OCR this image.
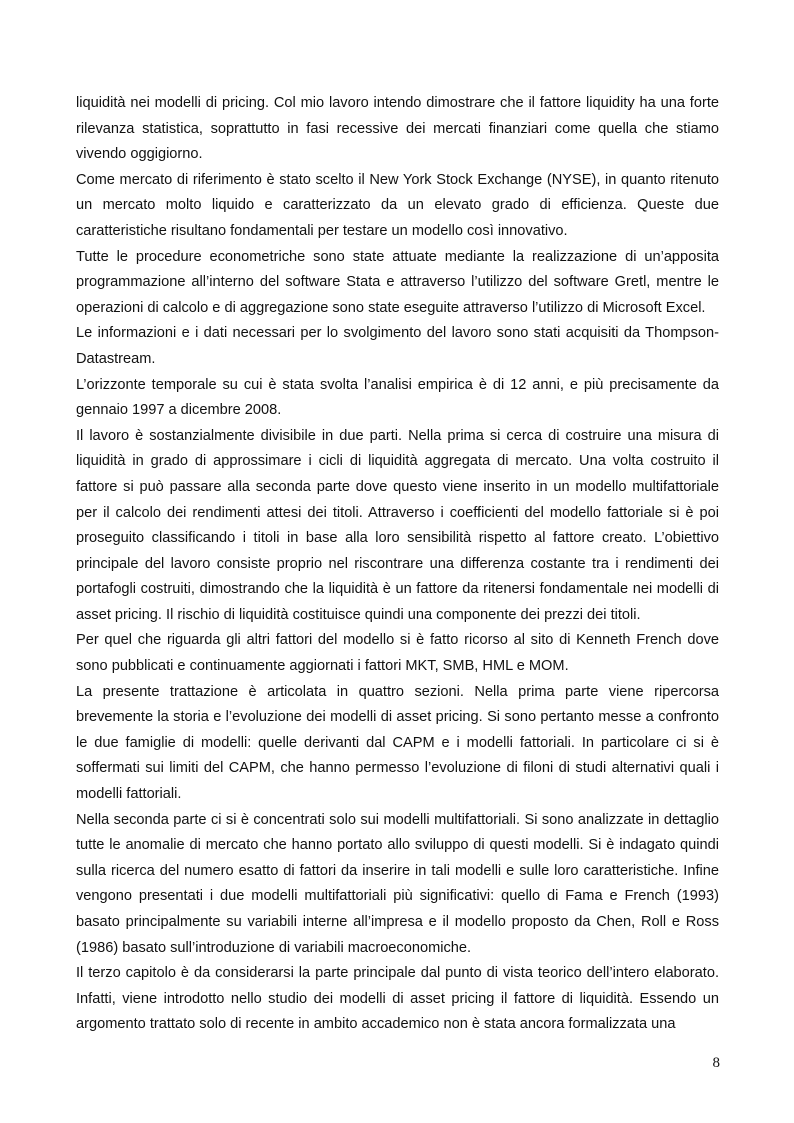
liquidità nei modelli di pricing. Col mio lavoro intendo dimostrare che il fattore liquidity ha una forte rilevanza statistica, soprattutto in fasi recessive dei mercati finanziari come quella che stiamo vivendo oggigiorno.

Come mercato di riferimento è stato scelto il New York Stock Exchange (NYSE), in quanto ritenuto un mercato molto liquido e caratterizzato da un elevato grado di efficienza. Queste due caratteristiche risultano fondamentali per testare un modello così innovativo.

Tutte le procedure econometriche sono state attuate mediante la realizzazione di un’apposita programmazione all’interno del software Stata e attraverso l’utilizzo del software Gretl, mentre le operazioni di calcolo e di aggregazione sono state eseguite attraverso l’utilizzo di Microsoft Excel.

Le informazioni e i dati necessari per lo svolgimento del lavoro sono stati acquisiti da Thompson-Datastream.

L’orizzonte temporale su cui è stata svolta l’analisi empirica è di 12 anni, e più precisamente da gennaio 1997 a dicembre 2008.

Il lavoro è sostanzialmente divisibile in due parti. Nella prima si cerca di costruire una misura di liquidità in grado di approssimare i cicli di liquidità aggregata di mercato. Una volta costruito il fattore si può passare alla seconda parte dove questo viene inserito in un modello multifattoriale per il calcolo dei rendimenti attesi dei titoli. Attraverso i coefficienti del modello fattoriale si è poi proseguito classificando i titoli in base alla loro sensibilità rispetto al fattore creato. L’obiettivo principale del lavoro consiste proprio nel riscontrare una differenza costante tra i rendimenti dei portafogli costruiti, dimostrando che la liquidità è un fattore da ritenersi fondamentale nei modelli di asset pricing. Il rischio di liquidità costituisce quindi una componente dei prezzi dei titoli.

Per quel che riguarda gli altri fattori del modello si è fatto ricorso al sito di Kenneth French dove sono pubblicati e continuamente aggiornati i fattori MKT, SMB, HML e MOM.

La presente trattazione è articolata in quattro sezioni. Nella prima parte viene ripercorsa brevemente la storia e l’evoluzione dei modelli di asset pricing. Si sono pertanto messe a confronto le due famiglie di modelli: quelle derivanti dal CAPM e i modelli fattoriali. In particolare ci si è soffermati sui limiti del CAPM, che hanno permesso l’evoluzione di filoni di studi alternativi quali i modelli fattoriali.

Nella seconda parte ci si è concentrati solo sui modelli multifattoriali. Si sono analizzate in dettaglio tutte le anomalie di mercato che hanno portato allo sviluppo di questi modelli. Si è indagato quindi sulla ricerca del numero esatto di fattori da inserire in tali modelli e sulle loro caratteristiche. Infine vengono presentati i due modelli multifattoriali più significativi: quello di Fama e French (1993) basato principalmente su variabili interne all’impresa e il modello proposto da Chen, Roll e Ross (1986) basato sull’introduzione di variabili macroeconomiche.

Il terzo capitolo è da considerarsi la parte principale dal punto di vista teorico dell’intero elaborato. Infatti, viene introdotto nello studio dei modelli di asset pricing il fattore di liquidità. Essendo un argomento trattato solo di recente in ambito accademico non è stata ancora formalizzata una

8
